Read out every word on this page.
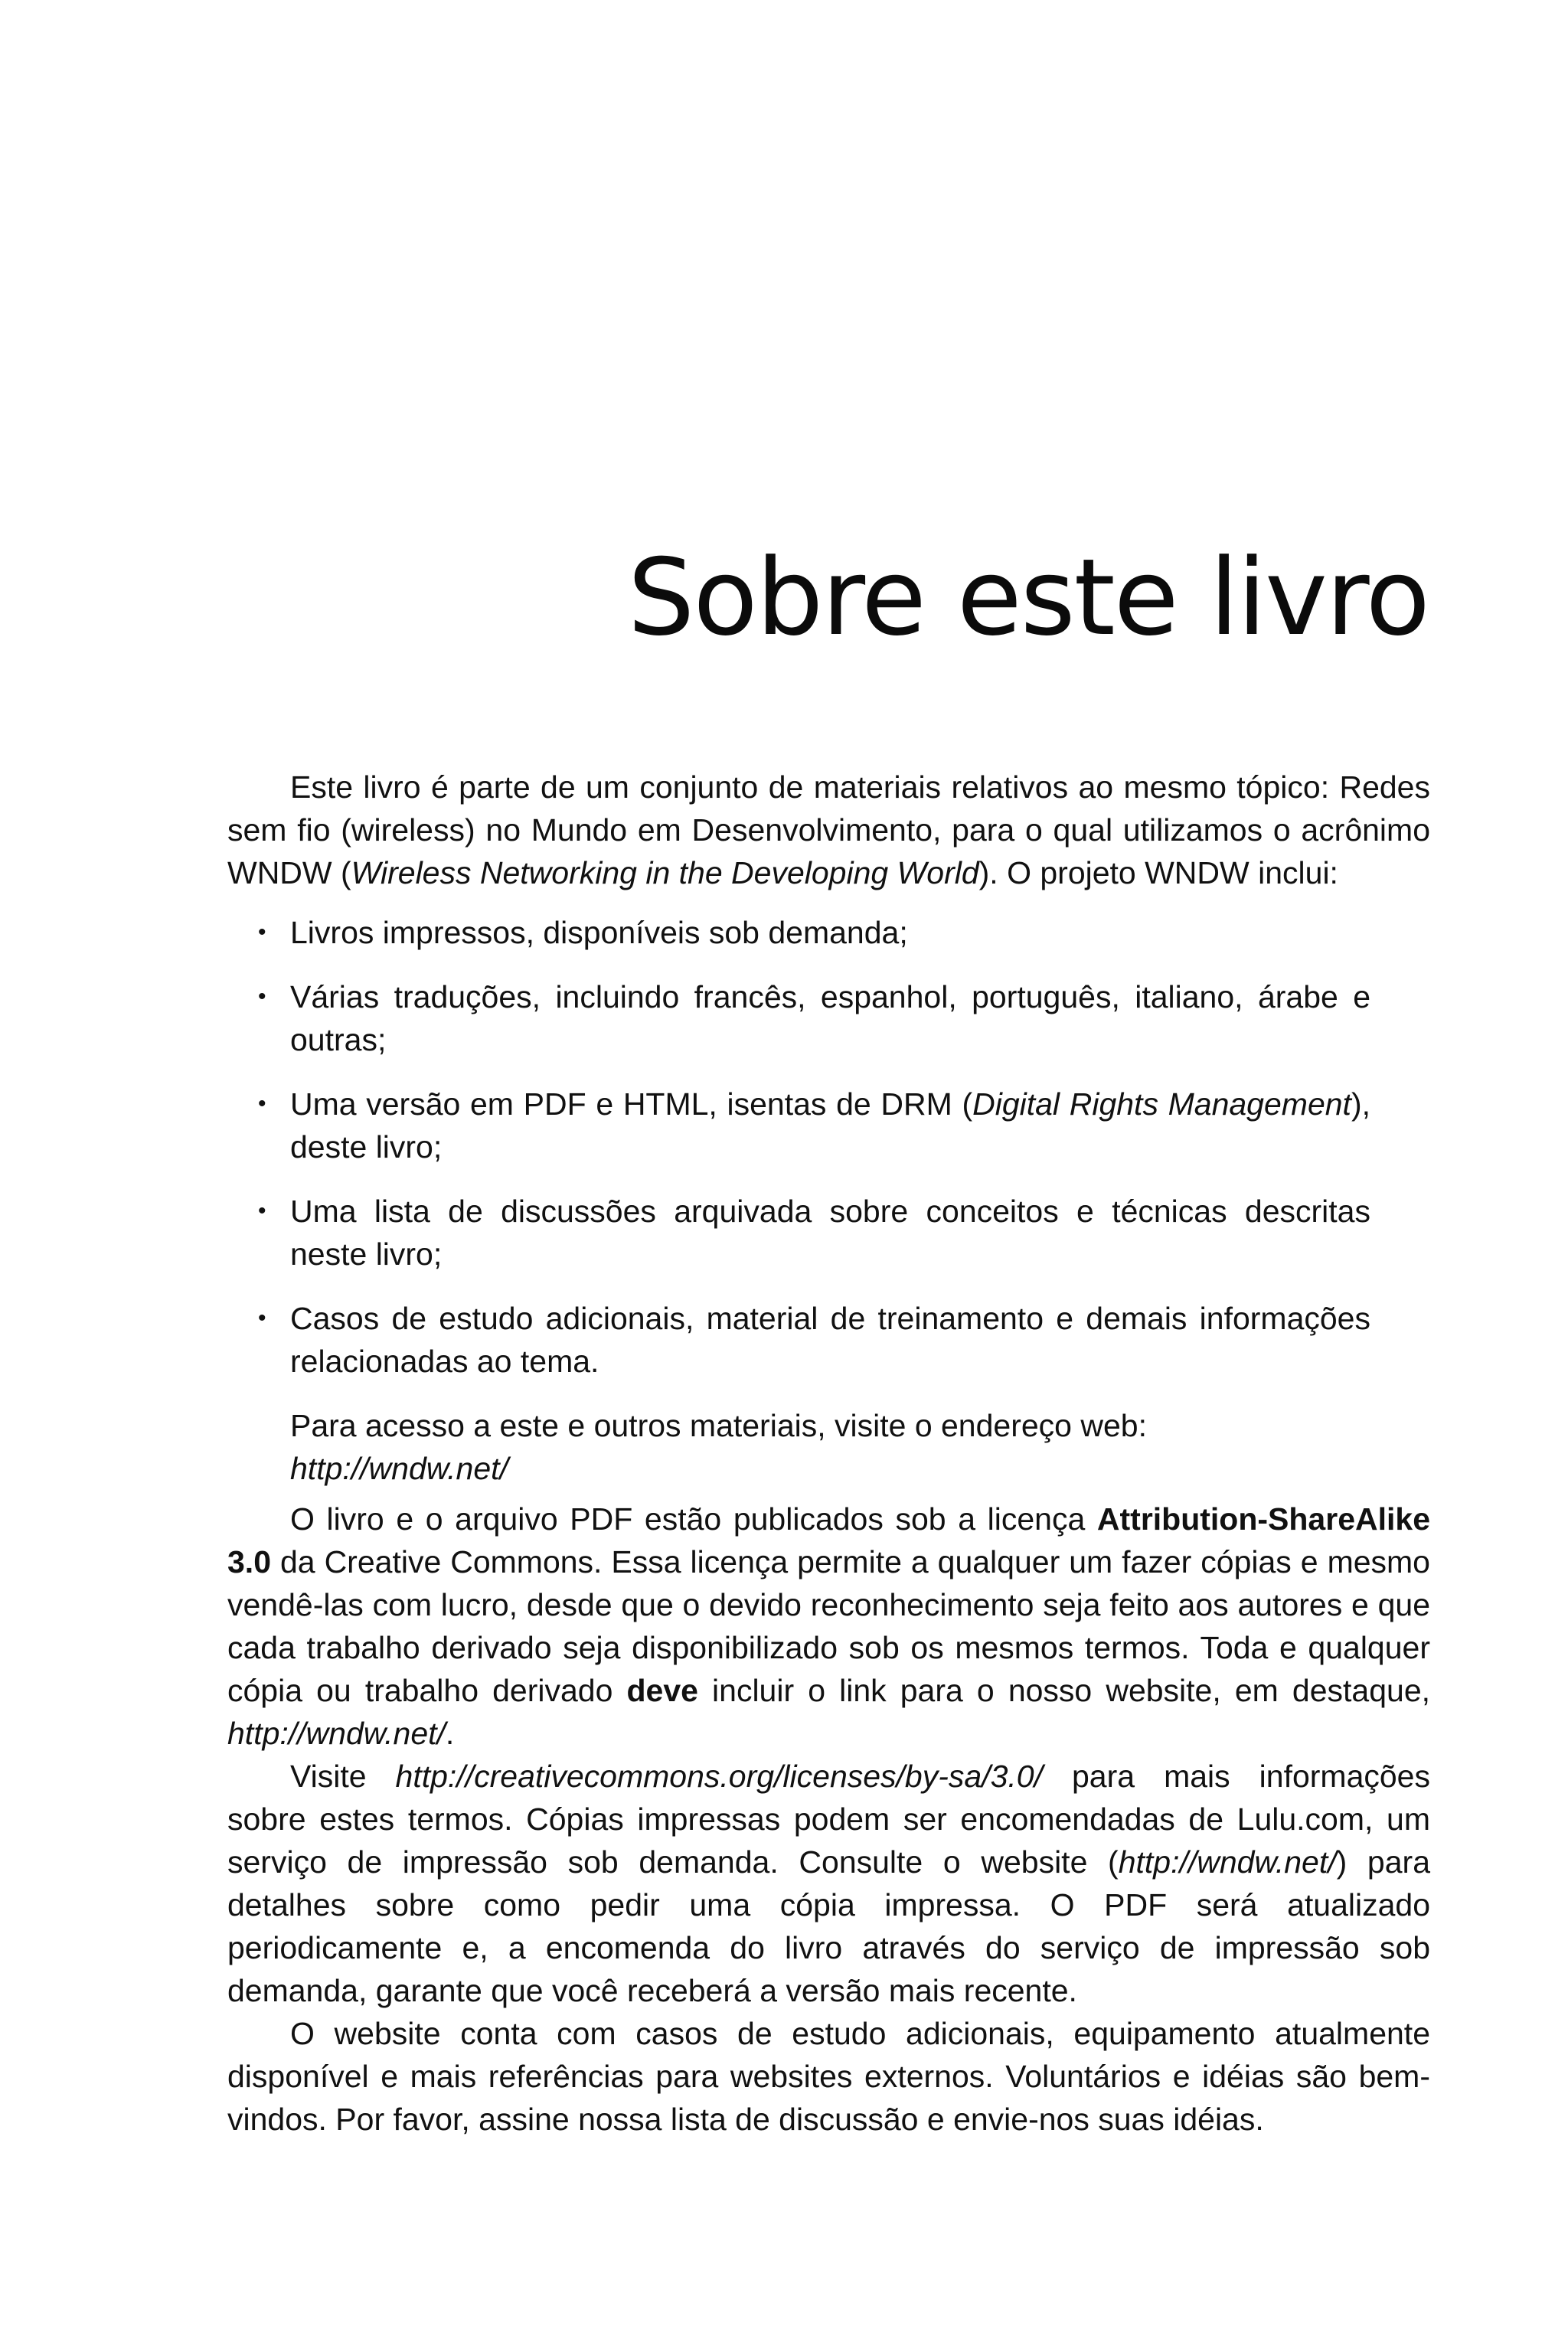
Sobre este livro

Este livro é parte de um conjunto de materiais relativos ao mesmo tópico: Redes sem fio (wireless) no Mundo em Desenvolvimento, para o qual utilizamos o acrônimo WNDW (Wireless Networking in the Developing World). O projeto WNDW inclui:

• Livros impressos, disponíveis sob demanda;
• Várias traduções, incluindo francês, espanhol, português, italiano, árabe e outras;
• Uma versão em PDF e HTML, isentas de DRM (Digital Rights Management), deste livro;
• Uma lista de discussões arquivada sobre conceitos e técnicas descritas neste livro;
• Casos de estudo adicionais, material de treinamento e demais informações relacionadas ao tema.

Para acesso a este e outros materiais, visite o endereço web:
http://wndw.net/

O livro e o arquivo PDF estão publicados sob a licença Attribution-ShareAlike 3.0 da Creative Commons. Essa licença permite a qualquer um fazer cópias e mesmo vendê-las com lucro, desde que o devido reconhecimento seja feito aos autores e que cada trabalho derivado seja disponibilizado sob os mesmos termos. Toda e qualquer cópia ou trabalho derivado deve incluir o link para o nosso website, em destaque, http://wndw.net/.

Visite http://creativecommons.org/licenses/by-sa/3.0/ para mais informações sobre estes termos. Cópias impressas podem ser encomendadas de Lulu.com, um serviço de impressão sob demanda. Consulte o website (http://wndw.net/) para detalhes sobre como pedir uma cópia impressa. O PDF será atualizado periodicamente e, a encomenda do livro através do serviço de impressão sob demanda, garante que você receberá a versão mais recente.

O website conta com casos de estudo adicionais, equipamento atualmente disponível e mais referências para websites externos. Voluntários e idéias são bem-vindos. Por favor, assine nossa lista de discussão e envie-nos suas idéias.
